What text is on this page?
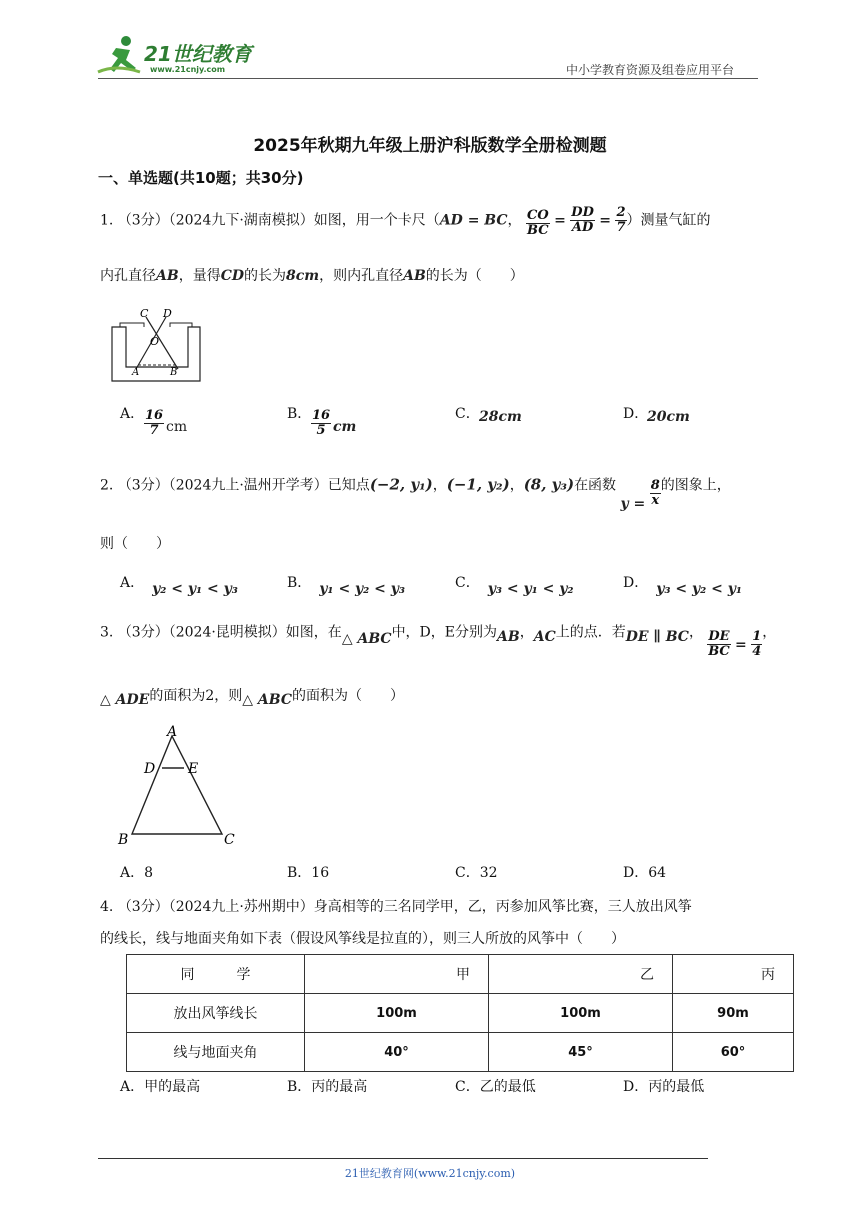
21世纪教育
www.21cnjy.com	中小学教育资源及组卷应用平台
2025年秋期九年级上册沪科版数学全册检测题
一、单选题(共10题；共30分)
1. （3分）（2024九下·湖南模拟）如图，用一个卡尺（AD = BC， $\frac{CO}{BC} = \frac{DD}{AD} = \frac{2}{7}$ ）测量气缸的
内孔直径AB，量得CD的长为8cm，则内孔直径AB的长为（　　）
C D
O
A	B
A． $\frac{16}{7}$ cm
B． $\frac{16}{5}$ cm
C． 28cm	D．
20cm
2. （3分）（2024九上·温州开学考）已知点(−2, y₁)，(−1, y₂)，(8, y₃)在函数 $y = \frac{8}{x}$ 的图象上，
则（　　）
A． y₂ < y₁ < y₃	B． y₁ < y₂ < y₃	C． y₃ < y₁ < y₂	D． y₃ < y₂ < y₁
3. （3分）（2024·昆明模拟）如图，在△ ABC中，D，E分别为AB，AC上的点．若DE ∥ BC， $\frac{DE}{BC} = \frac{1}{4}$ ，
△ ADE的面积为2，则△ ABC的面积为（　　）
A
D E
B	C
A．8	B．16	C．32	D．64
4. （3分）（2024九上·苏州期中）身高相等的三名同学甲，乙，丙参加风筝比赛，三人放出风筝
的线长，线与地面夹角如下表（假设风筝线是拉直的），则三人所放的风筝中（　　）
同　　　学	甲	乙	丙
放出风筝线长	100m	100m	90m
线与地面夹角	40°	45°	60°
A．甲的最高	B．丙的最高	C．乙的最低	D．丙的最低
21世纪教育网(www.21cnjy.com)
